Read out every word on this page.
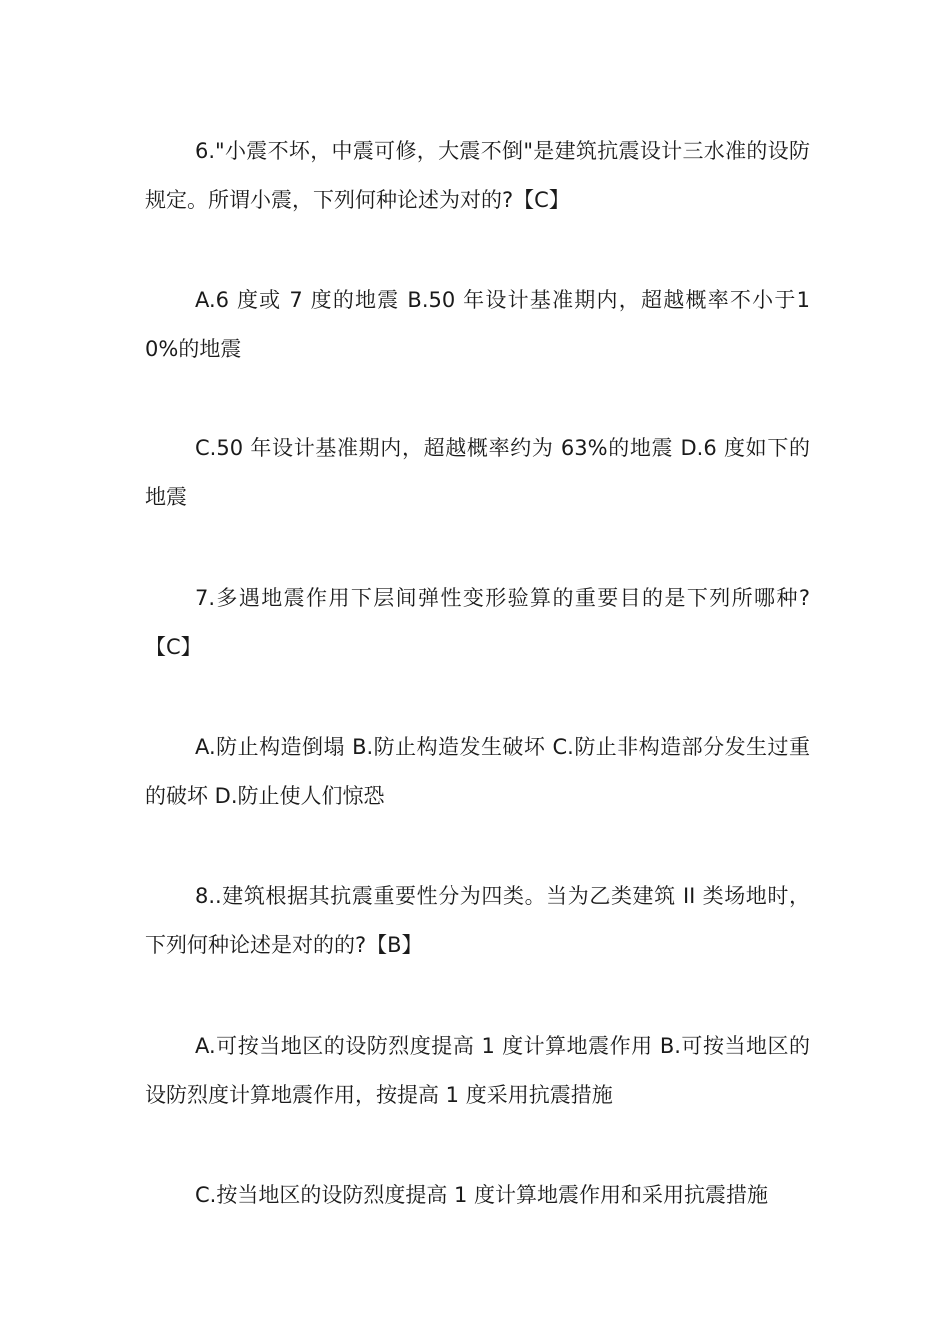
6."小震不坏，中震可修，大震不倒"是建筑抗震设计三水准的设防规定。所谓小震，下列何种论述为对的?【C】

A.6 度或 7 度的地震 B.50 年设计基准期内，超越概率不小于10%的地震

C.50 年设计基准期内，超越概率约为 63%的地震 D.6 度如下的地震

7.多遇地震作用下层间弹性变形验算的重要目的是下列所哪种?【C】

A.防止构造倒塌 B.防止构造发生破坏 C.防止非构造部分发生过重的破坏 D.防止使人们惊恐

8..建筑根据其抗震重要性分为四类。当为乙类建筑 II 类场地时，下列何种论述是对的的?【B】

A.可按当地区的设防烈度提高 1 度计算地震作用 B.可按当地区的设防烈度计算地震作用，按提高 1 度采用抗震措施

C.按当地区的设防烈度提高 1 度计算地震作用和采用抗震措施
